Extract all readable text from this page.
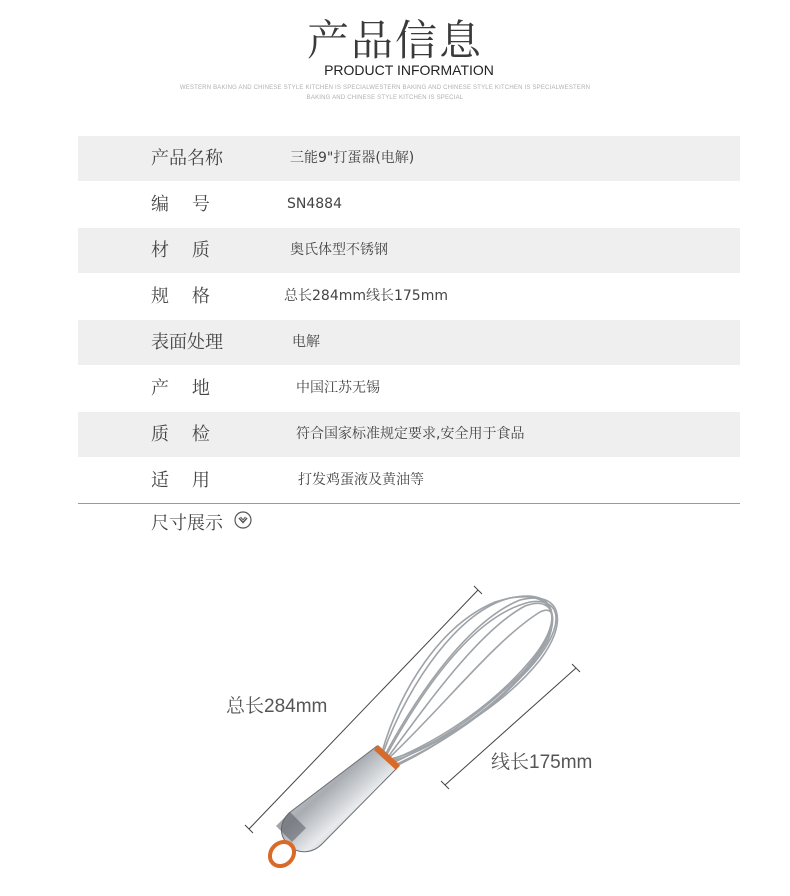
产品信息
PRODUCT INFORMATION
WESTERN BAKING AND CHINESE STYLE KITCHEN IS SPECIALWESTERN BAKING AND CHINESE STYLE KITCHEN IS SPECIALWESTERN
BAKING AND CHINESE STYLE KITCHEN IS SPECIAL
产品名称	三能9"打蛋器(电解)
编    号	SN4884
材    质	奥氏体型不锈钢
规    格	总长284mm线长175mm
表面处理	电解
产    地	中国江苏无锡
质    检	符合国家标准规定要求,安全用于食品
适    用	打发鸡蛋液及黄油等
尺寸展示
总长284mm
线长175mm
